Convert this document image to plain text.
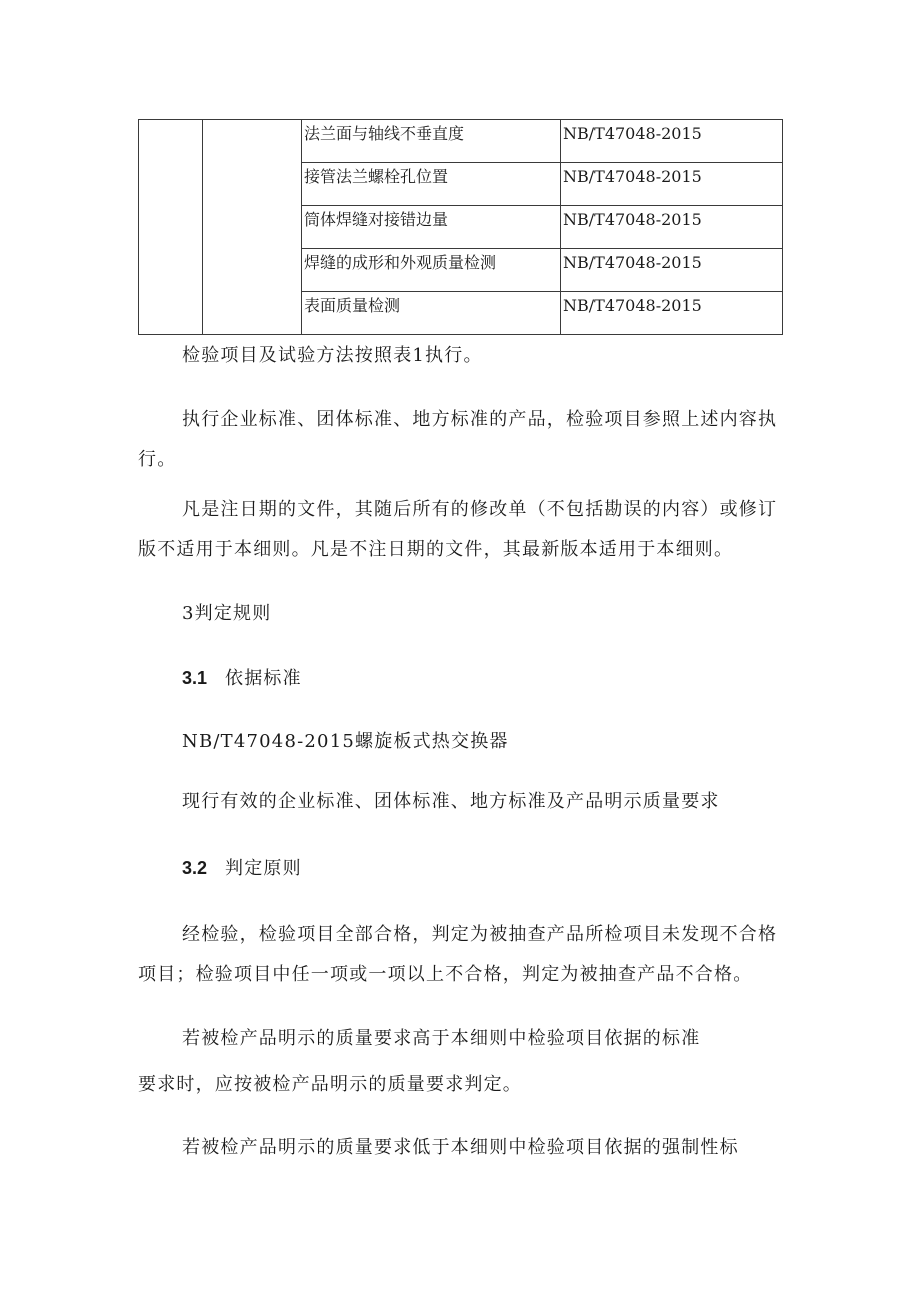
		法兰面与轴线不垂直度	NB/T47048-2015
		接管法兰螺栓孔位置	NB/T47048-2015
		筒体焊缝对接错边量	NB/T47048-2015
		焊缝的成形和外观质量检测	NB/T47048-2015
		表面质量检测	NB/T47048-2015

检验项目及试验方法按照表1执行。

执行企业标准、团体标准、地方标准的产品，检验项目参照上述内容执行。

凡是注日期的文件，其随后所有的修改单（不包括勘误的内容）或修订版不适用于本细则。凡是不注日期的文件，其最新版本适用于本细则。

3判定规则

3.1 依据标准

NB/T47048-2015螺旋板式热交换器

现行有效的企业标准、团体标准、地方标准及产品明示质量要求

3.2 判定原则

经检验，检验项目全部合格，判定为被抽查产品所检项目未发现不合格项目；检验项目中任一项或一项以上不合格，判定为被抽查产品不合格。

若被检产品明示的质量要求高于本细则中检验项目依据的标准

要求时，应按被检产品明示的质量要求判定。

若被检产品明示的质量要求低于本细则中检验项目依据的强制性标
